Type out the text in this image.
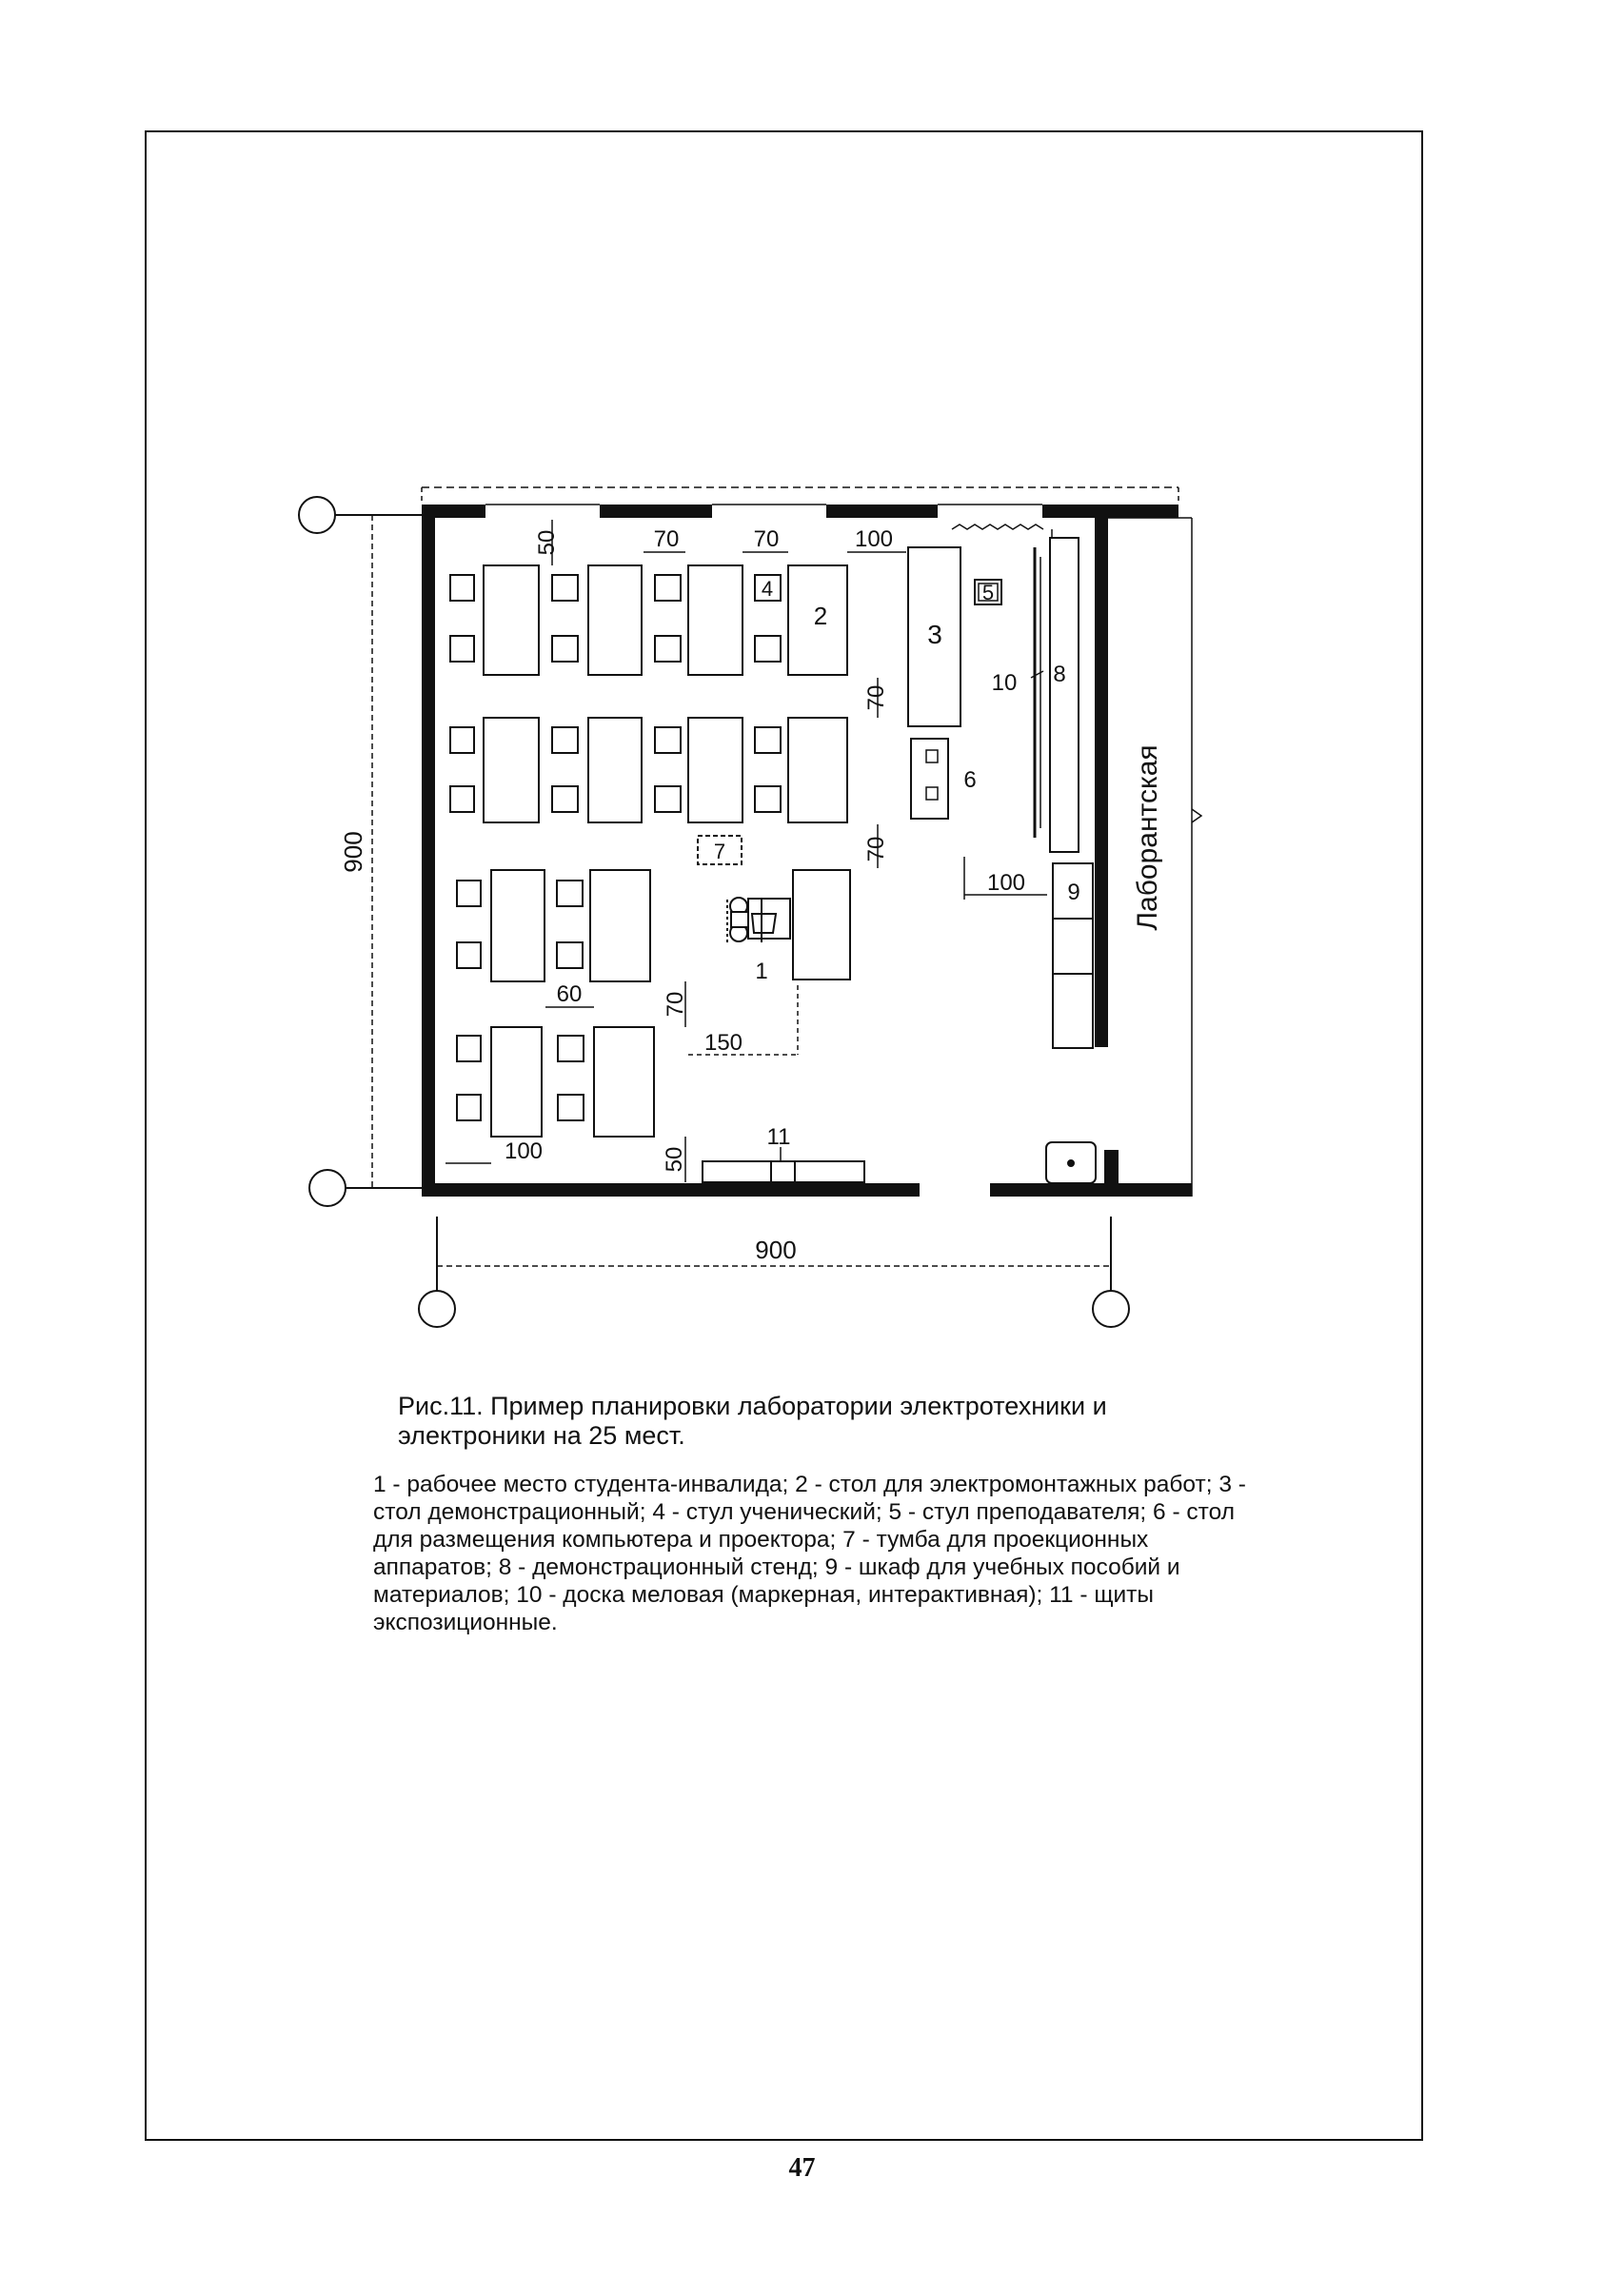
900
900
Лаборантская
50	70	70	100
70
70
100
60	70
150
100	50
1
2
3
4	5
6
7
8
9
10
11

Рис.11. Пример планировки лаборатории электротехники и электроники на 25 мест.

1 - рабочее место студента-инвалида; 2 - стол для электромонтажных работ; 3 - стол демонстрационный; 4 - стул ученический; 5 - стул преподавателя; 6 - стол для размещения компьютера и проектора; 7 - тумба для проекционных аппаратов; 8 - демонстрационный стенд; 9 - шкаф для учебных пособий и материалов; 10 - доска меловая (маркерная, интерактивная); 11 - щиты экспозиционные.

47
